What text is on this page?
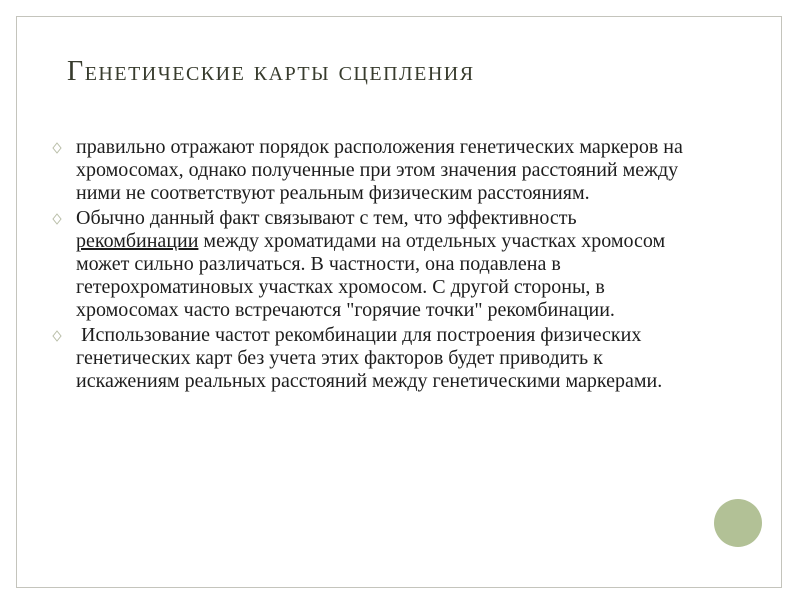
Генетические карты сцепления
правильно отражают порядок расположения генетических маркеров на хромосомах, однако полученные при этом значения расстояний между ними не соответствуют реальным физическим расстояниям.
Обычно данный факт связывают с тем, что эффективность рекомбинации между хроматидами на отдельных участках хромосом может сильно различаться. В частности, она подавлена в гетерохроматиновых участках хромосом. С другой стороны, в хромосомах часто встречаются "горячие точки" рекомбинации.
Использование частот рекомбинации для построения физических генетических карт без учета этих факторов будет приводить к искажениям реальных расстояний между генетическими маркерами.
